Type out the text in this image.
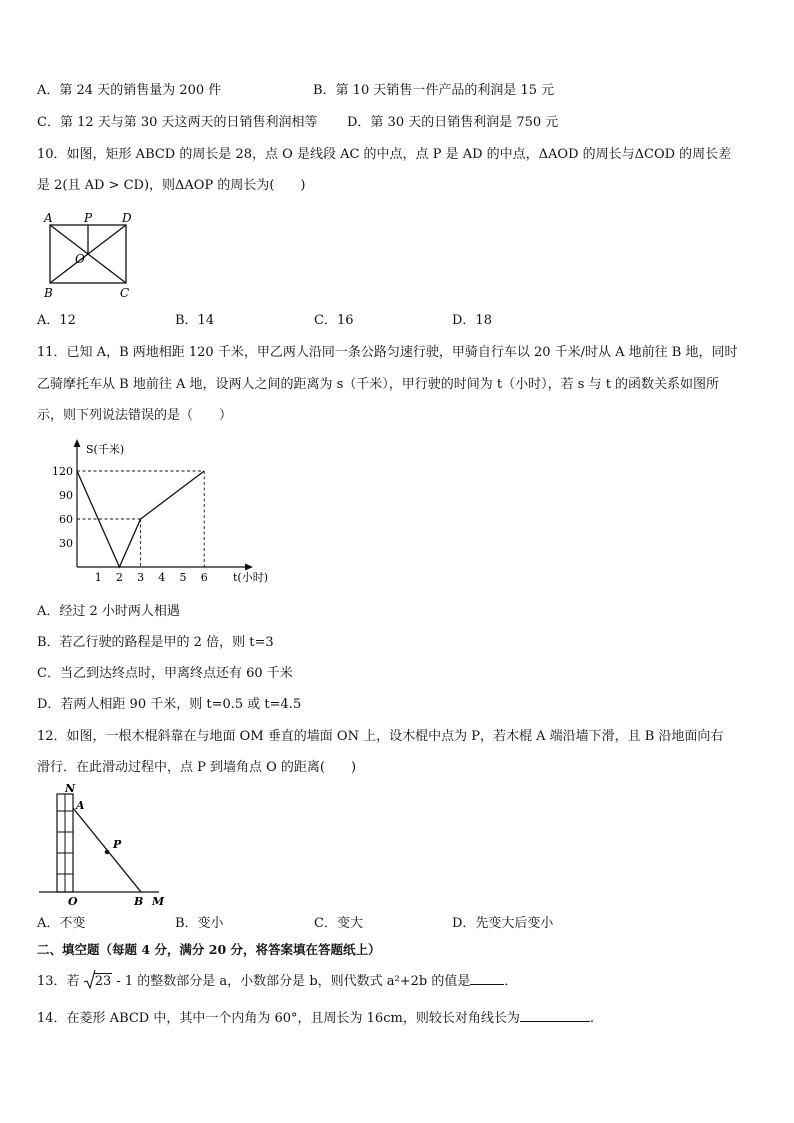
A．第 24 天的销售量为 200 件	B．第 10 天销售一件产品的利润是 15 元
C．第 12 天与第 30 天这两天的日销售利润相等 D．第 30 天的日销售利润是 750 元
10．如图，矩形 ABCD 的周长是 28，点 O 是线段 AC 的中点，点 P 是 AD 的中点，ΔAOD 的周长与ΔCOD 的周长差
是 2(且 AD > CD)，则ΔAOP 的周长为(　　)
A	P D
O
B	C
A．12	B．14	C．16	D．18
11．已知 A，B 两地相距 120 千米，甲乙两人沿同一条公路匀速行驶，甲骑自行车以 20 千米/时从 A 地前往 B 地，同时
乙骑摩托车从 B 地前往 A 地，设两人之间的距离为 s（千米），甲行驶的时间为 t（小时），若 s 与 t 的函数关系如图所
示，则下列说法错误的是（　　）
S(千米)
t(小时)
120
90
60
30
1 2 3 4 5 6
A．经过 2 小时两人相遇
B．若乙行驶的路程是甲的 2 倍，则 t=3
C．当乙到达终点时，甲离终点还有 60 千米
D．若两人相距 90 千米，则 t=0.5 或 t=4.5
12．如图，一根木棍斜靠在与地面 OM 垂直的墙面 ON 上，设木棍中点为 P，若木棍 A 端沿墙下滑，且 B 沿地面向右
滑行．在此滑动过程中，点 P 到墙角点 O 的距离(　　)
N
A
P
O	B M
A．不变	B．变小	C．变大	D．先变大后变小
二、填空题（每题 4 分，满分 20 分，将答案填在答题纸上）
13．若 23 - 1 的整数部分是 a，小数部分是 b，则代数式 a²+2b 的值是	．
14．在菱形 ABCD 中，其中一个内角为 60°，且周长为 16cm，则较长对角线长为	.
